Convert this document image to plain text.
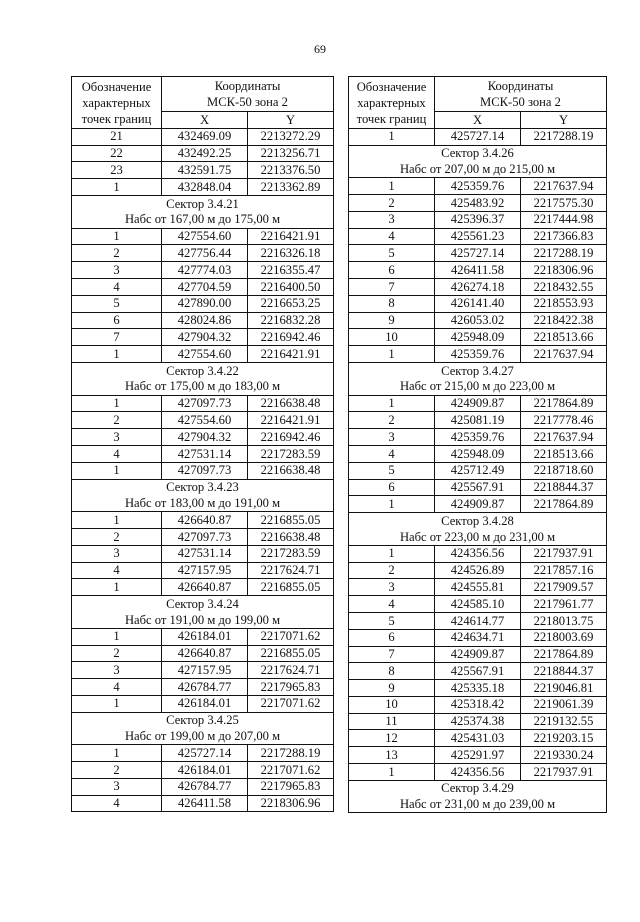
69
Обозначение
характерных
точек границ	Координаты
МСК-50 зона 2	
	X	Y
21	432469.09	2213272.29
22	432492.25	2213256.71
23	432591.75	2213376.50
1	432848.04	2213362.89
Сектор 3.4.21		
Набс от 167,00 м до 175,00 м		
1	427554.60	2216421.91
2	427756.44	2216326.18
3	427774.03	2216355.47
4	427704.59	2216400.50
5	427890.00	2216653.25
6	428024.86	2216832.28
7	427904.32	2216942.46
1	427554.60	2216421.91
Сектор 3.4.22		
Набс от 175,00 м до 183,00 м		
1	427097.73	2216638.48
2	427554.60	2216421.91
3	427904.32	2216942.46
4	427531.14	2217283.59
1	427097.73	2216638.48
Сектор 3.4.23		
Набс от 183,00 м до 191,00 м		
1	426640.87	2216855.05
2	427097.73	2216638.48
3	427531.14	2217283.59
4	427157.95	2217624.71
1	426640.87	2216855.05
Сектор 3.4.24		
Набс от 191,00 м до 199,00 м		
1	426184.01	2217071.62
2	426640.87	2216855.05
3	427157.95	2217624.71
4	426784.77	2217965.83
1	426184.01	2217071.62
Сектор 3.4.25		
Набс от 199,00 м до 207,00 м		
1	425727.14	2217288.19
2	426184.01	2217071.62
3	426784.77	2217965.83
4	426411.58	2218306.96
Обозначение
характерных
точек границ	Координаты
МСК-50 зона 2	
	X	Y
1	425727.14	2217288.19
Сектор 3.4.26		
Набс от 207,00 м до 215,00 м		
1	425359.76	2217637.94
2	425483.92	2217575.30
3	425396.37	2217444.98
4	425561.23	2217366.83
5	425727.14	2217288.19
6	426411.58	2218306.96
7	426274.18	2218432.55
8	426141.40	2218553.93
9	426053.02	2218422.38
10	425948.09	2218513.66
1	425359.76	2217637.94
Сектор 3.4.27		
Набс от 215,00 м до 223,00 м		
1	424909.87	2217864.89
2	425081.19	2217778.46
3	425359.76	2217637.94
4	425948.09	2218513.66
5	425712.49	2218718.60
6	425567.91	2218844.37
1	424909.87	2217864.89
Сектор 3.4.28		
Набс от 223,00 м до 231,00 м		
1	424356.56	2217937.91
2	424526.89	2217857.16
3	424555.81	2217909.57
4	424585.10	2217961.77
5	424614.77	2218013.75
6	424634.71	2218003.69
7	424909.87	2217864.89
8	425567.91	2218844.37
9	425335.18	2219046.81
10	425318.42	2219061.39
11	425374.38	2219132.55
12	425431.03	2219203.15
13	425291.97	2219330.24
1	424356.56	2217937.91
Сектор 3.4.29		
Набс от 231,00 м до 239,00 м		
